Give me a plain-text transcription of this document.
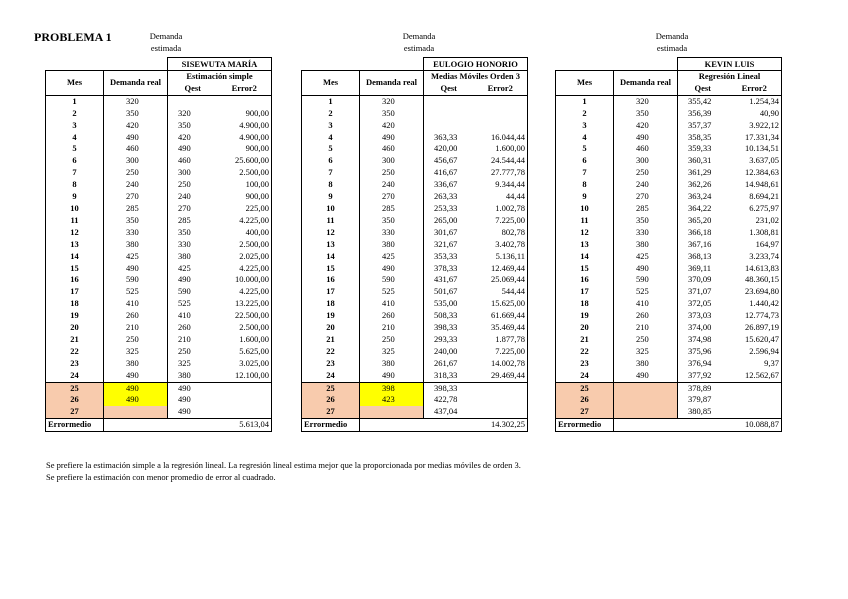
PROBLEMA 1	Demanda
estimada
		SISEWUTA MARÍA	
Mes	Demanda real	Estimación simple	
		Qest	Error2
1	320		
2	350	320	900,00
3	420	350	4.900,00
4	490	420	4.900,00
5	460	490	900,00
6	300	460	25.600,00
7	250	300	2.500,00
8	240	250	100,00
9	270	240	900,00
10	285	270	225,00
11	350	285	4.225,00
12	330	350	400,00
13	380	330	2.500,00
14	425	380	2.025,00
15	490	425	4.225,00
16	590	490	10.000,00
17	525	590	4.225,00
18	410	525	13.225,00
19	260	410	22.500,00
20	210	260	2.500,00
21	250	210	1.600,00
22	325	250	5.625,00
23	380	325	3.025,00
24	490	380	12.100,00
25	490	490	
26	490	490	
27		490	
Errormedio			5.613,04
Demanda
estimada
		EULOGIO HONORIO	
Mes	Demanda real	Medias Móviles Orden 3	
		Qest	Error2
1	320		
2	350		
3	420		
4	490	363,33	16.044,44
5	460	420,00	1.600,00
6	300	456,67	24.544,44
7	250	416,67	27.777,78
8	240	336,67	9.344,44
9	270	263,33	44,44
10	285	253,33	1.002,78
11	350	265,00	7.225,00
12	330	301,67	802,78
13	380	321,67	3.402,78
14	425	353,33	5.136,11
15	490	378,33	12.469,44
16	590	431,67	25.069,44
17	525	501,67	544,44
18	410	535,00	15.625,00
19	260	508,33	61.669,44
20	210	398,33	35.469,44
21	250	293,33	1.877,78
22	325	240,00	7.225,00
23	380	261,67	14.002,78
24	490	318,33	29.469,44
25	398	398,33	
26	423	422,78	
27		437,04	
Errormedio			14.302,25
Demanda
estimada
		KEVIN LUIS	
Mes	Demanda real	Regresión Lineal	
		Qest	Error2
1	320	355,42	1.254,34
2	350	356,39	40,90
3	420	357,37	3.922,12
4	490	358,35	17.331,34
5	460	359,33	10.134,51
6	300	360,31	3.637,05
7	250	361,29	12.384,63
8	240	362,26	14.948,61
9	270	363,24	8.694,21
10	285	364,22	6.275,97
11	350	365,20	231,02
12	330	366,18	1.308,81
13	380	367,16	164,97
14	425	368,13	3.233,74
15	490	369,11	14.613,83
16	590	370,09	48.360,15
17	525	371,07	23.694,80
18	410	372,05	1.440,42
19	260	373,03	12.774,73
20	210	374,00	26.897,19
21	250	374,98	15.620,47
22	325	375,96	2.596,94
23	380	376,94	9,37
24	490	377,92	12.562,67
25		378,89	
26		379,87	
27		380,85	
Errormedio			10.088,87
Se prefiere la estimación simple a la regresión lineal. La regresión lineal estima mejor que la proporcionada por medias móviles de orden 3.
Se prefiere la estimación con menor promedio de error al cuadrado.
